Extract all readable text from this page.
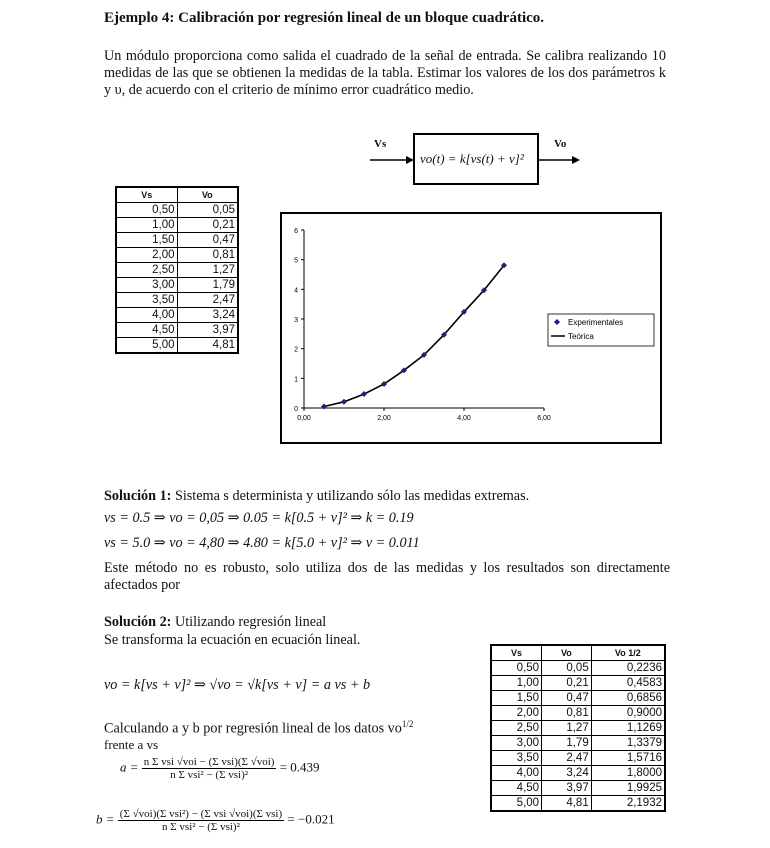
Ejemplo 4: Calibración por regresión lineal de un bloque cuadrático.
Un módulo proporciona como salida el cuadrado de la señal de entrada. Se calibra realizando 10 medidas de las que se obtienen la medidas de la tabla. Estimar los valores de los dos parámetros k y υ, de acuerdo con el criterio de mínimo error cuadrático medio.
Vs
vo(t) = k[vs(t) + v]²
Vo
Vs	Vo
0,50	0,05
1,00	0,21
1,50	0,47
2,00	0,81
2,50	1,27
3,00	1,79
3,50	2,47
4,00	3,24
4,50	3,97
5,00	4,81
0
1
2
3
4
5
6
0,00	2,00	4,00	6,00
Experimentales
Teórica
Solución 1: Sistema s determinista y utilizando sólo las medidas extremas.
vs = 0.5 ⇒ vo = 0,05 ⇒ 0.05 = k[0.5 + v]² ⇒ k = 0.19
vs = 5.0 ⇒ vo = 4,80 ⇒ 4.80 = k[5.0 + v]² ⇒ v = 0.011
Este método no es robusto, solo utiliza dos de las medidas y los resultados son directamente afectados por
Solución 2: Utilizando regresión lineal
Se transforma la ecuación en ecuación lineal.
vo = k[vs + v]² ⇒ √vo = √k[vs + v] = a vs + b
Calculando a y b por regresión lineal de los datos $vo^{1/2}$
frente a vs
$a = \frac{\text{n Σ vsi √voi − (Σ vsi)(Σ √voi)}}{\text{n Σ vsi² − (Σ vsi)²}} = 0.439$
$b = \frac{\text{(Σ √voi)(Σ vsi²) − (Σ vsi √voi)(Σ vsi)}}{\text{n Σ vsi² − (Σ vsi)²}} = -0.021$
Vs	Vo	Vo 1/2
0,50	0,05	0,2236
1,00	0,21	0,4583
1,50	0,47	0,6856
2,00	0,81	0,9000
2,50	1,27	1,1269
3,00	1,79	1,3379
3,50	2,47	1,5716
4,00	3,24	1,8000
4,50	3,97	1,9925
5,00	4,81	2,1932
